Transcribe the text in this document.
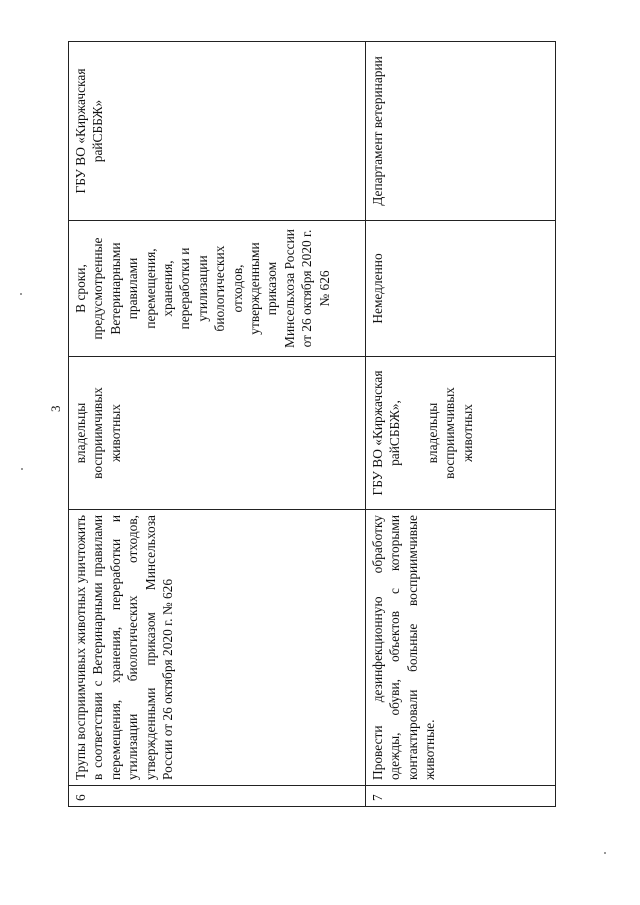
3
6	Трупы восприимчивых животных уничтожить в соответствии с Ветеринарными правилами перемещения, хранения, переработки и утилизации биологических отходов, утвержденными приказом Минсельхоза России от 26 октября 2020 г. № 626	владельцы восприимчивых животных	В сроки, предусмотренные Ветеринарными правилами перемещения, хранения, переработки и утилизации биологических отходов, утвержденными приказом Минсельхоза России от 26 октября 2020 г. № 626	ГБУ ВО «Киржачская райСББЖ»
7	Провести дезинфекционную обработку одежды, обуви, объектов с которыми контактировали больные восприимчивые животные.	ГБУ ВО «Киржачская райСББЖ», владельцы восприимчивых животных	Немедленно	Департамент ветеринарии
